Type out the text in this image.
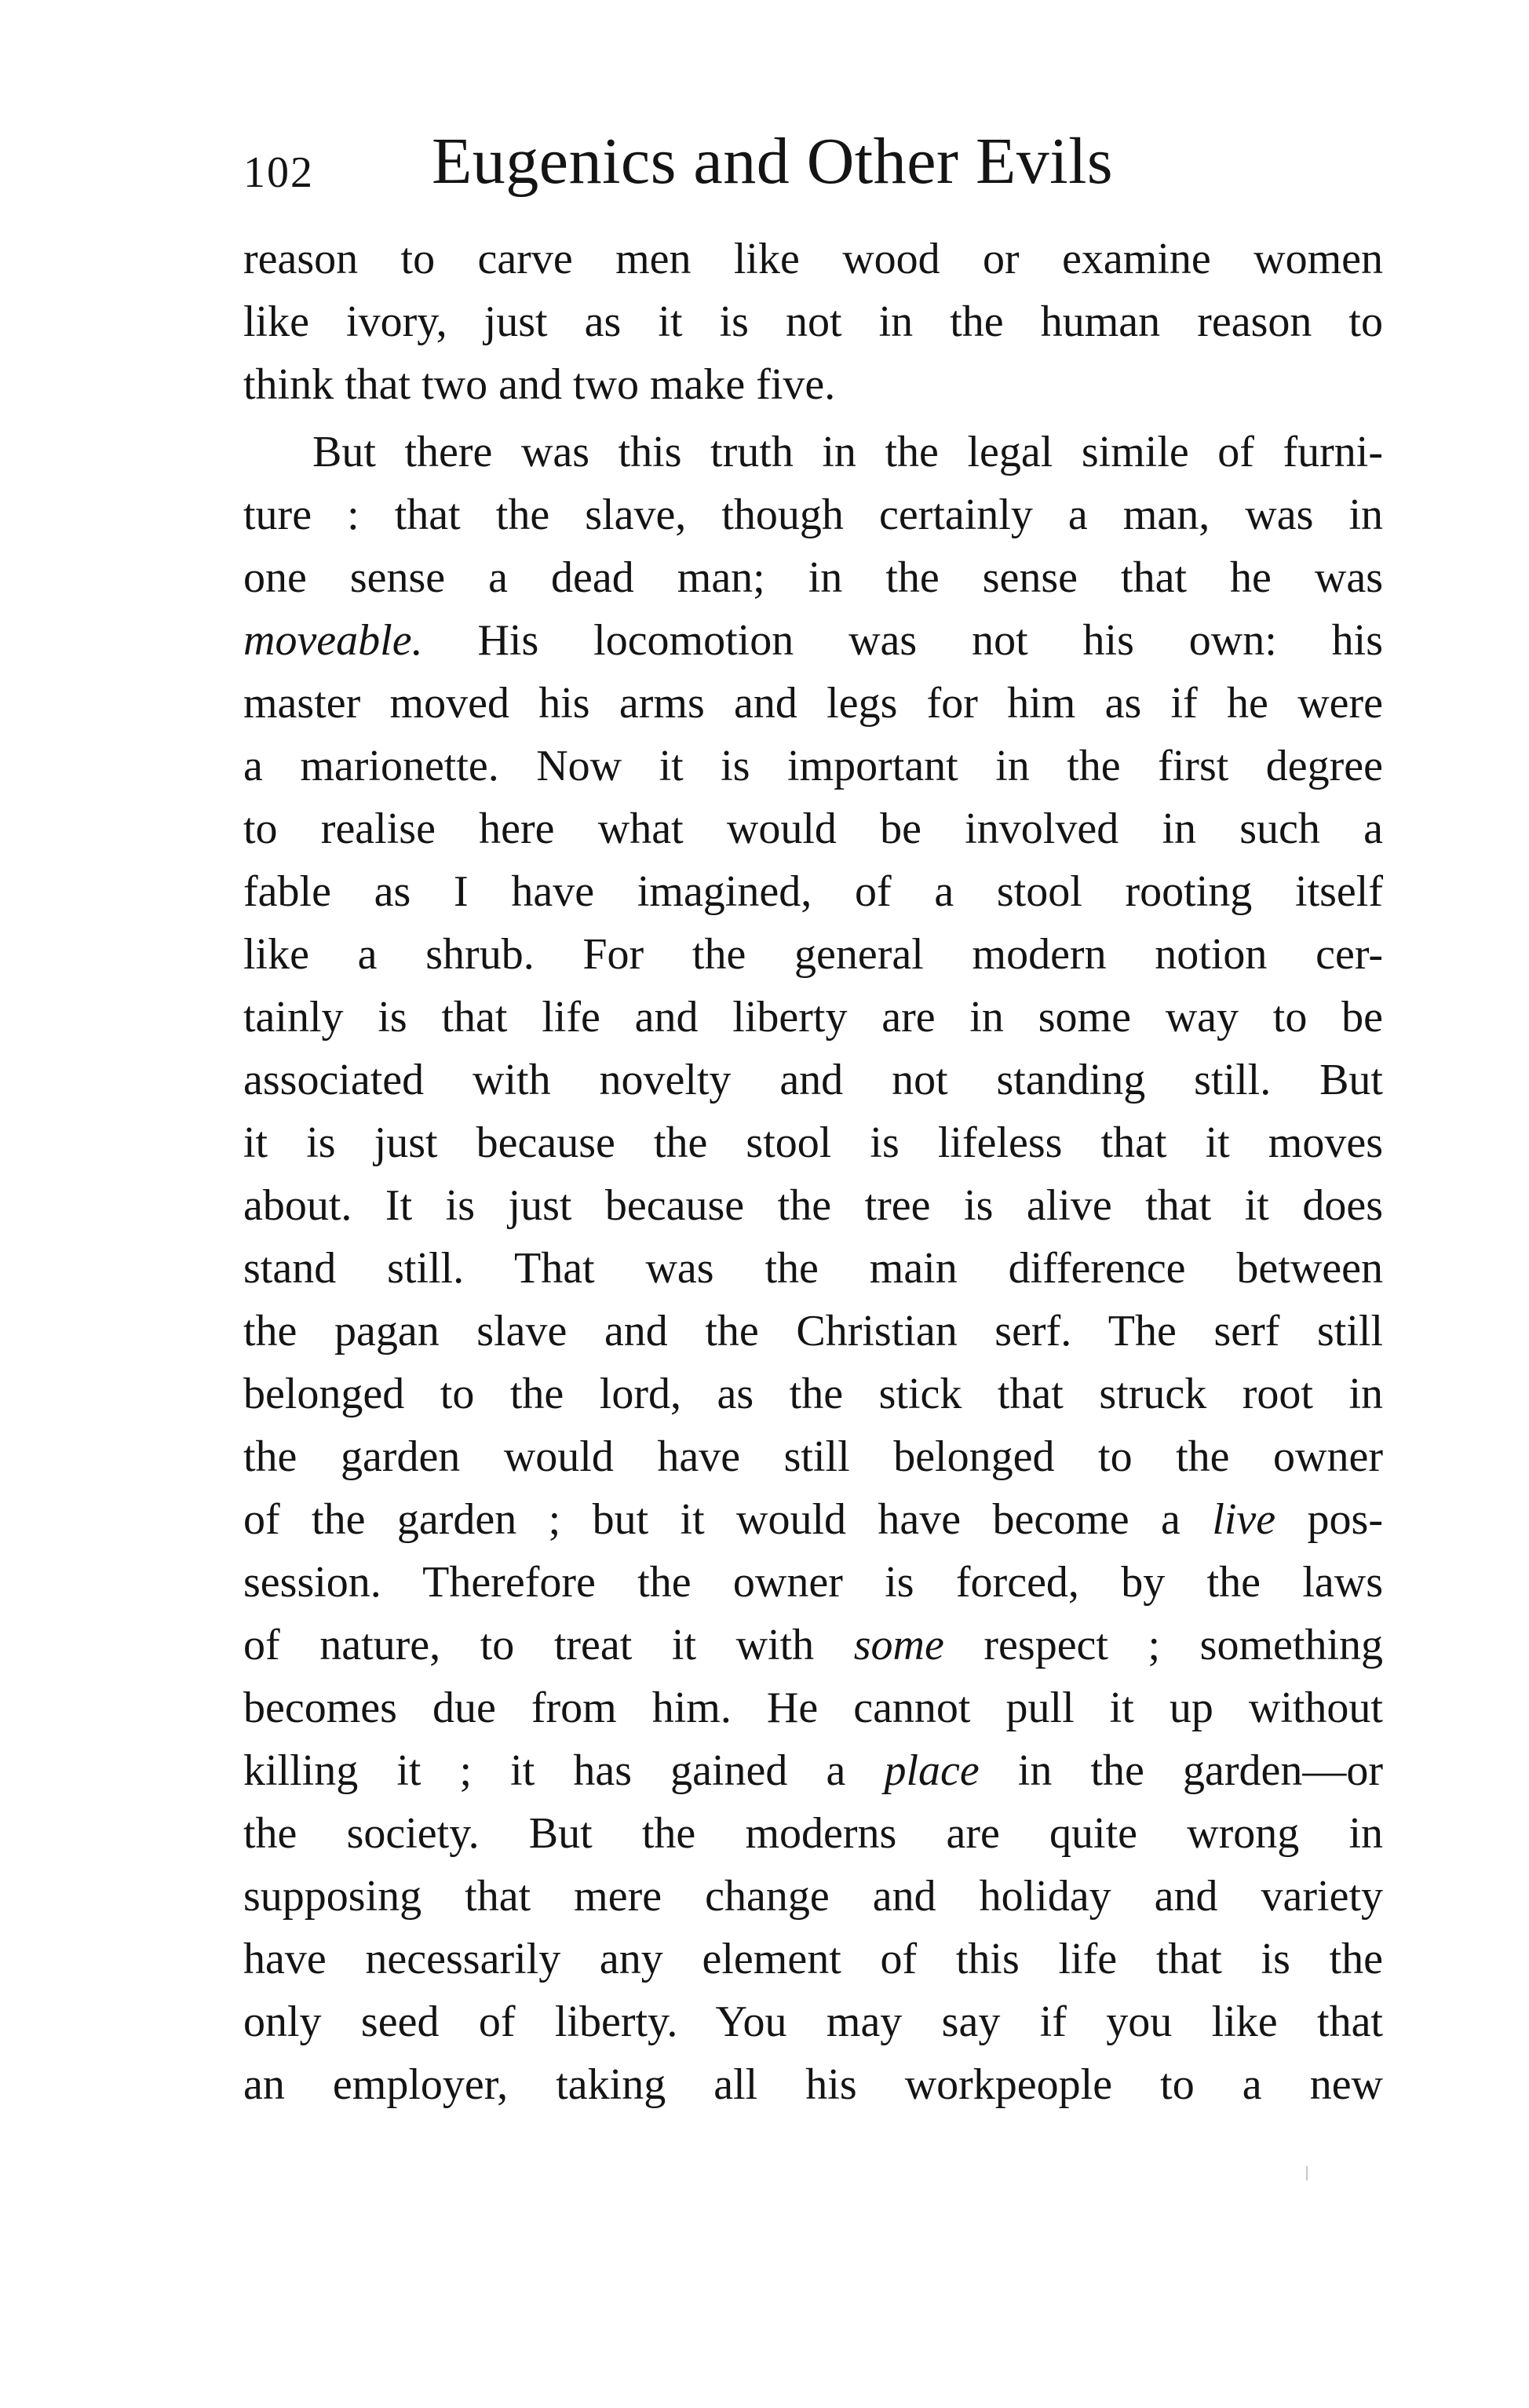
102 Eugenics and Other Evils
reason to carve men like wood or examine women
like ivory, just as it is not in the human reason to
think that two and two make five.
But there was this truth in the legal simile of furni-
ture : that the slave, though certainly a man, was in
one sense a dead man; in the sense that he was
moveable. His locomotion was not his own: his
master moved his arms and legs for him as if he were
a marionette. Now it is important in the first degree
to realise here what would be involved in such a
fable as I have imagined, of a stool rooting itself
like a shrub. For the general modern notion cer-
tainly is that life and liberty are in some way to be
associated with novelty and not standing still. But
it is just because the stool is lifeless that it moves
about. It is just because the tree is alive that it does
stand still. That was the main difference between
the pagan slave and the Christian serf. The serf still
belonged to the lord, as the stick that struck root in
the garden would have still belonged to the owner
of the garden ; but it would have become a live pos-
session. Therefore the owner is forced, by the laws
of nature, to treat it with some respect ; something
becomes due from him. He cannot pull it up without
killing it ; it has gained a place in the garden—or
the society. But the moderns are quite wrong in
supposing that mere change and holiday and variety
have necessarily any element of this life that is the
only seed of liberty. You may say if you like that
an employer, taking all his workpeople to a new
